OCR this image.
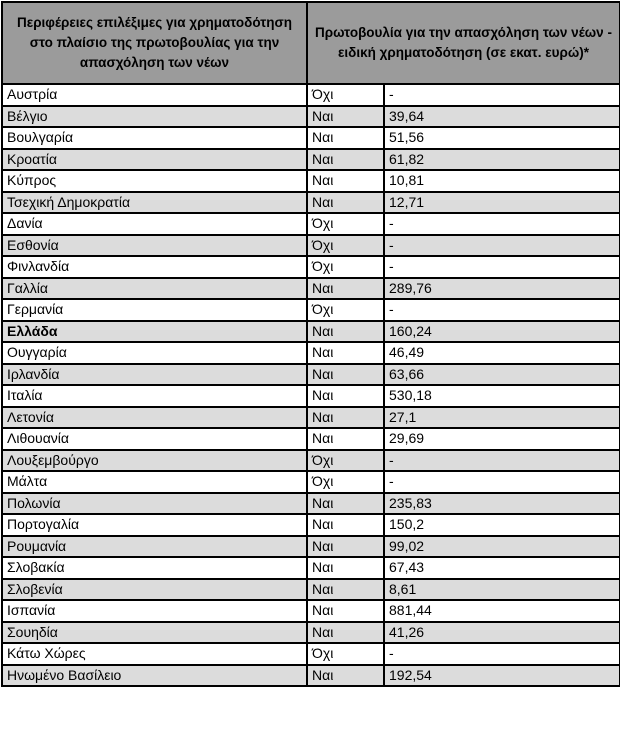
Περιφέρειες επιλέξιμες για χρηματοδότηση στο πλαίσιο της πρωτοβουλίας για την απασχόληση των νέων	Πρωτοβουλία για την απασχόληση των νέων - ειδική χρηματοδότηση (σε εκατ. ευρώ)*	
Αυστρία	Όχι	-
Βέλγιο	Ναι	39,64
Βουλγαρία	Ναι	51,56
Κροατία	Ναι	61,82
Κύπρος	Ναι	10,81
Τσεχική Δημοκρατία	Ναι	12,71
Δανία	Όχι	-
Εσθονία	Όχι	-
Φινλανδία	Όχι	-
Γαλλία	Ναι	289,76
Γερμανία	Όχι	-
Ελλάδα	Ναι	160,24
Ουγγαρία	Ναι	46,49
Ιρλανδία	Ναι	63,66
Ιταλία	Ναι	530,18
Λετονία	Ναι	27,1
Λιθουανία	Ναι	29,69
Λουξεμβούργο	Όχι	-
Μάλτα	Όχι	-
Πολωνία	Ναι	235,83
Πορτογαλία	Ναι	150,2
Ρουμανία	Ναι	99,02
Σλοβακία	Ναι	67,43
Σλοβενία	Ναι	8,61
Ισπανία	Ναι	881,44
Σουηδία	Ναι	41,26
Κάτω Χώρες	Όχι	-
Ηνωμένο Βασίλειο	Ναι	192,54
